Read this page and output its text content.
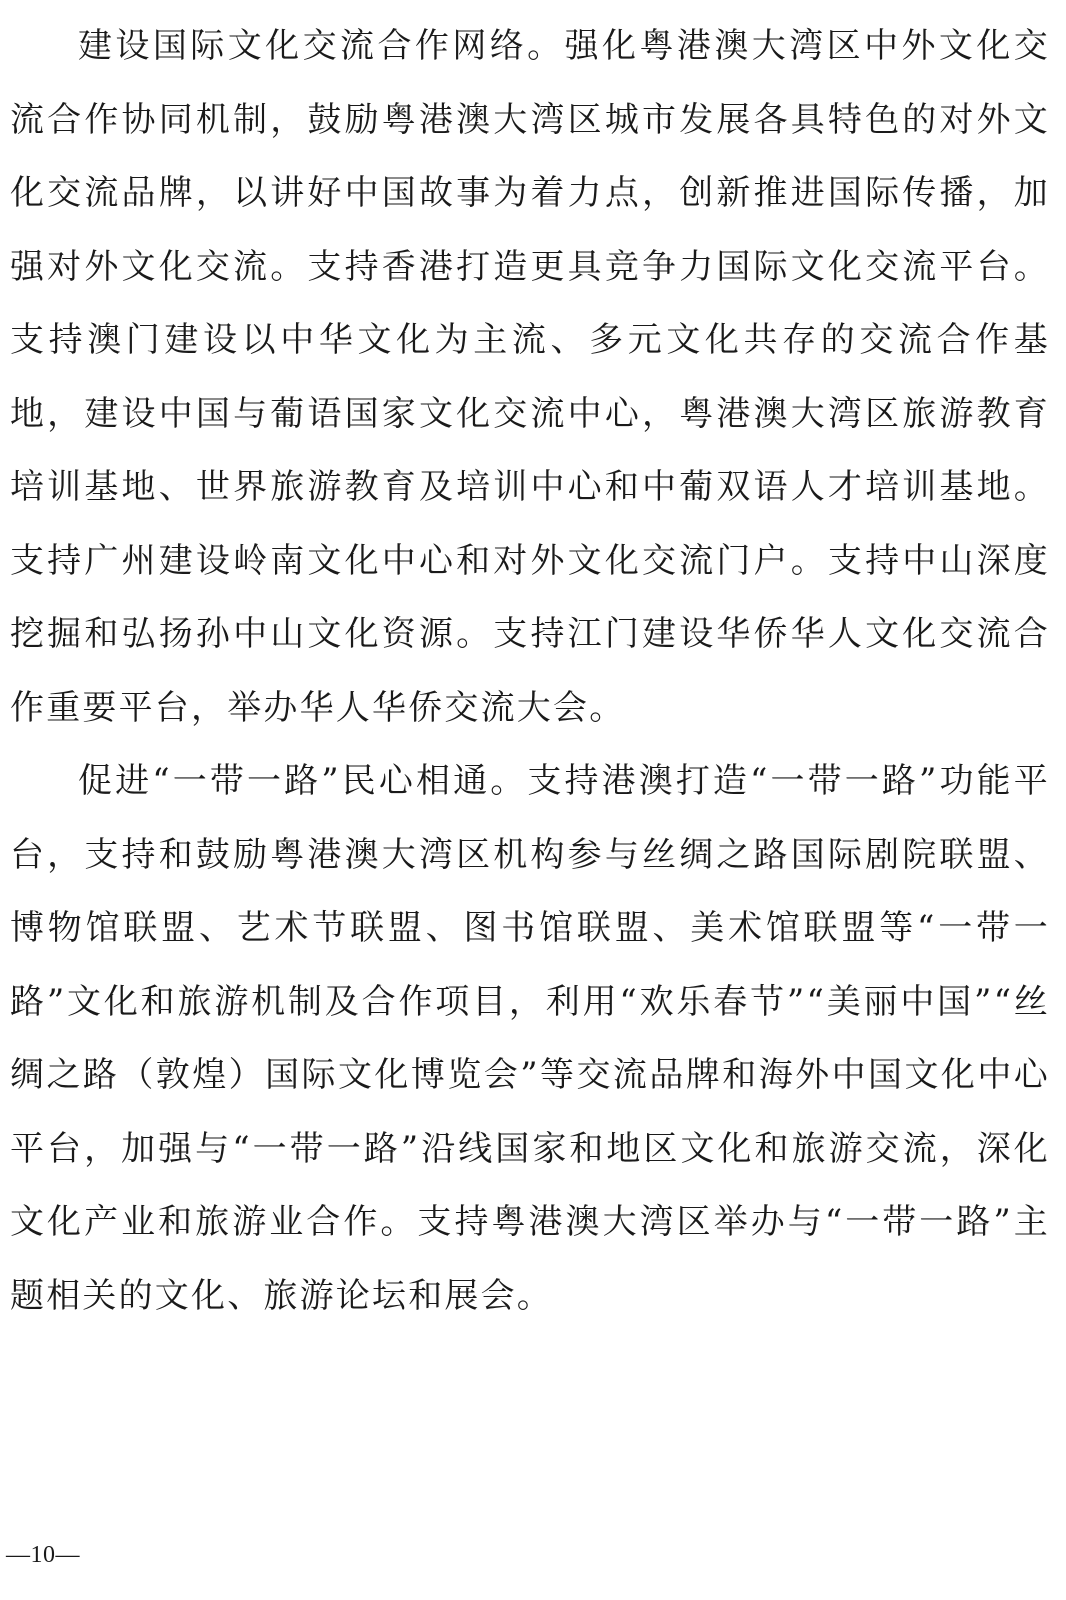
建设国际文化交流合作网络。强化粤港澳大湾区中外文化交流合作协同机制，鼓励粤港澳大湾区城市发展各具特色的对外文化交流品牌，以讲好中国故事为着力点，创新推进国际传播，加强对外文化交流。支持香港打造更具竞争力国际文化交流平台。支持澳门建设以中华文化为主流、多元文化共存的交流合作基地，建设中国与葡语国家文化交流中心，粤港澳大湾区旅游教育培训基地、世界旅游教育及培训中心和中葡双语人才培训基地。支持广州建设岭南文化中心和对外文化交流门户。支持中山深度挖掘和弘扬孙中山文化资源。支持江门建设华侨华人文化交流合作重要平台，举办华人华侨交流大会。

促进“一带一路”民心相通。支持港澳打造“一带一路”功能平台，支持和鼓励粤港澳大湾区机构参与丝绸之路国际剧院联盟、博物馆联盟、艺术节联盟、图书馆联盟、美术馆联盟等“一带一路”文化和旅游机制及合作项目，利用“欢乐春节”“美丽中国”“丝绸之路（敦煌）国际文化博览会”等交流品牌和海外中国文化中心平台，加强与“一带一路”沿线国家和地区文化和旅游交流，深化文化产业和旅游业合作。支持粤港澳大湾区举办与“一带一路”主题相关的文化、旅游论坛和展会。

—10—
